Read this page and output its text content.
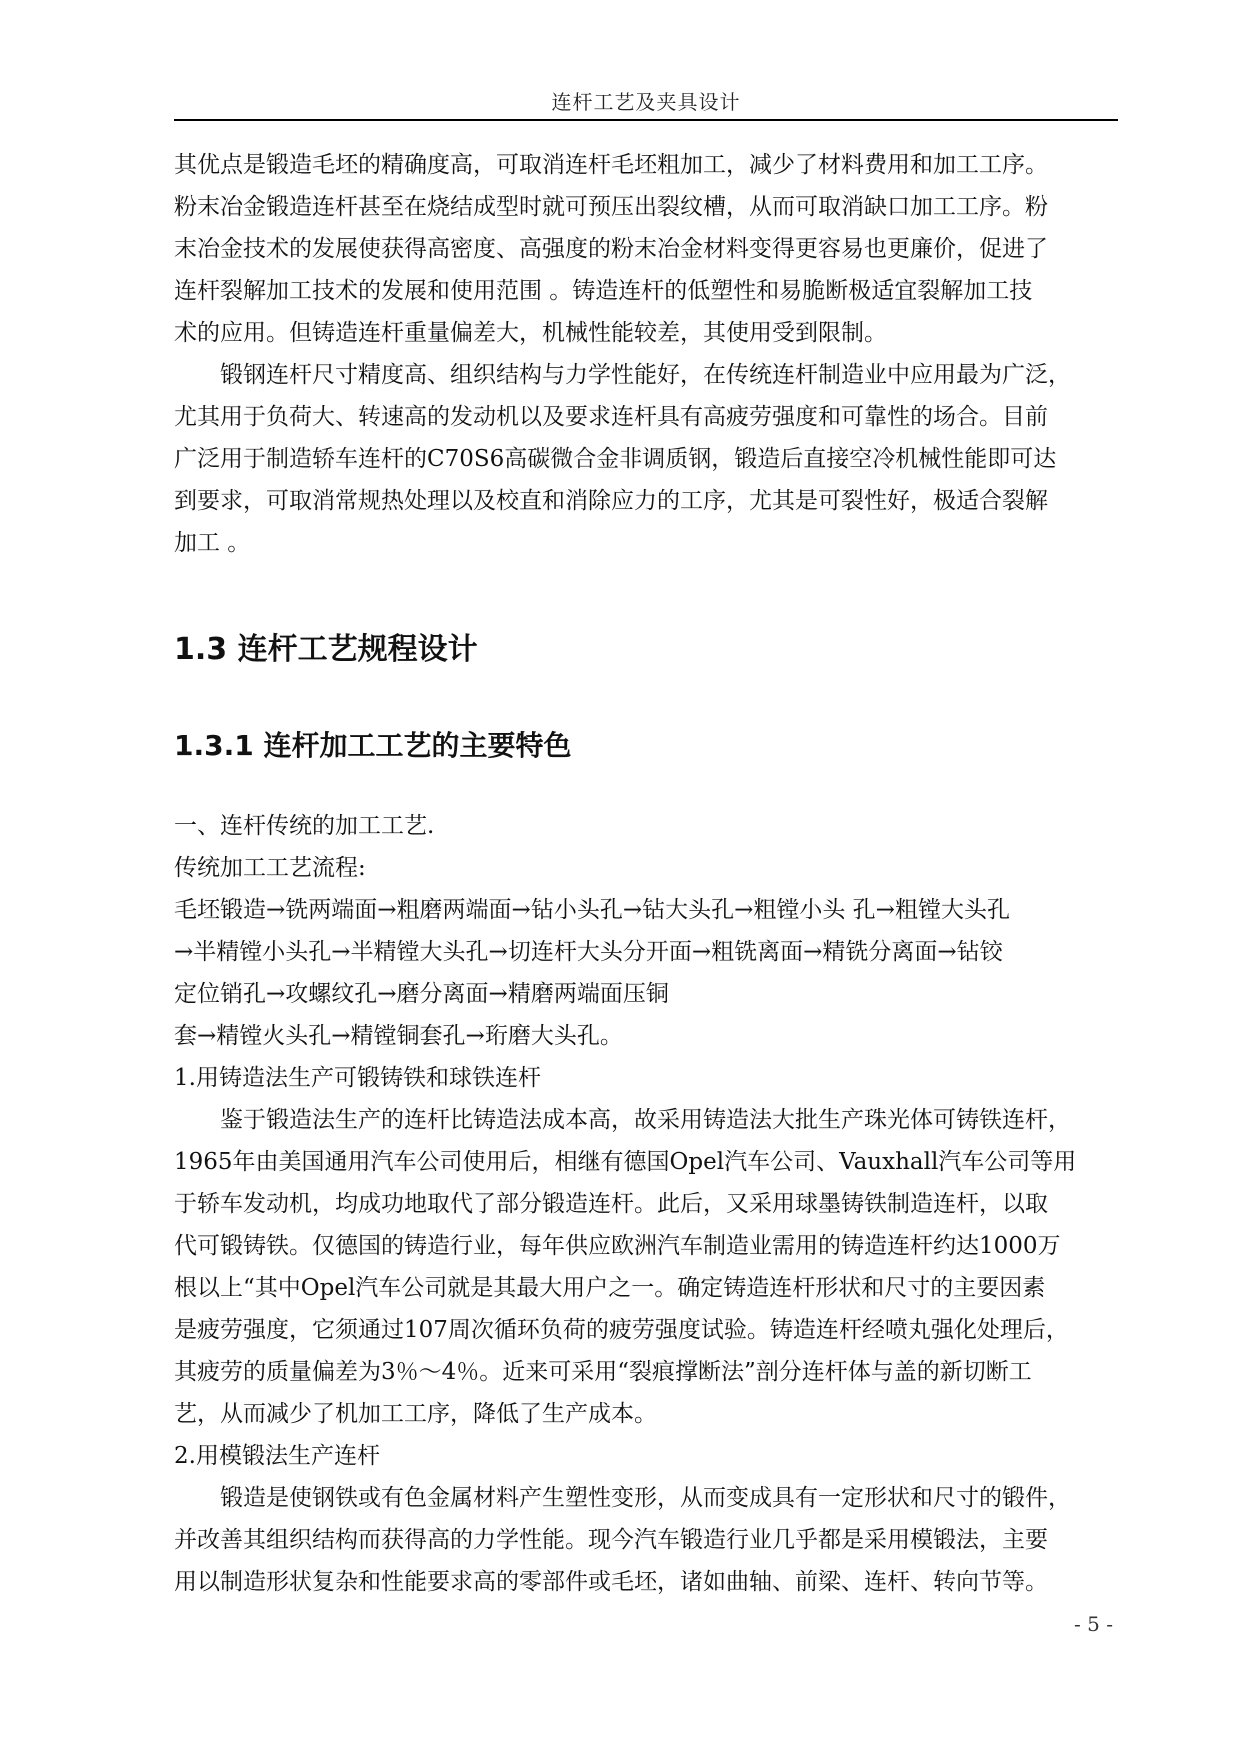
连杆工艺及夹具设计
其优点是锻造毛坯的精确度高，可取消连杆毛坯粗加工，减少了材料费用和加工工序。
粉末冶金锻造连杆甚至在烧结成型时就可预压出裂纹槽，从而可取消缺口加工工序。粉
末冶金技术的发展使获得高密度、高强度的粉末冶金材料变得更容易也更廉价，促进了
连杆裂解加工技术的发展和使用范围 。铸造连杆的低塑性和易脆断极适宜裂解加工技
术的应用。但铸造连杆重量偏差大，机械性能较差，其使用受到限制。
锻钢连杆尺寸精度高、组织结构与力学性能好，在传统连杆制造业中应用最为广泛，
尤其用于负荷大、转速高的发动机以及要求连杆具有高疲劳强度和可靠性的场合。目前
广泛用于制造轿车连杆的C70S6高碳微合金非调质钢，锻造后直接空冷机械性能即可达
到要求，可取消常规热处理以及校直和消除应力的工序，尤其是可裂性好，极适合裂解
加工 。
1.3 连杆工艺规程设计
1.3.1 连杆加工工艺的主要特色
一、连杆传统的加工工艺.
传统加工工艺流程:
毛坯锻造→铣两端面→粗磨两端面→钻小头孔→钻大头孔→粗镗小头 孔→粗镗大头孔
→半精镗小头孔→半精镗大头孔→切连杆大头分开面→粗铣离面→精铣分离面→钻铰
定位销孔→攻螺纹孔→磨分离面→精磨两端面压铜
套→精镗火头孔→精镗铜套孔→珩磨大头孔。
1.用铸造法生产可锻铸铁和球铁连杆
鉴于锻造法生产的连杆比铸造法成本高，故采用铸造法大批生产珠光体可铸铁连杆，
1965年由美国通用汽车公司使用后，相继有德国Opel汽车公司、Vauxhall汽车公司等用
于轿车发动机，均成功地取代了部分锻造连杆。此后，又采用球墨铸铁制造连杆，以取
代可锻铸铁。仅德国的铸造行业，每年供应欧洲汽车制造业需用的铸造连杆约达1000万
根以上“其中Opel汽车公司就是其最大用户之一。确定铸造连杆形状和尺寸的主要因素
是疲劳强度，它须通过107周次循环负荷的疲劳强度试验。铸造连杆经喷丸强化处理后，
其疲劳的质量偏差为3％～4％。近来可采用“裂痕撑断法”剖分连杆体与盖的新切断工
艺，从而减少了机加工工序，降低了生产成本。
2.用模锻法生产连杆
锻造是使钢铁或有色金属材料产生塑性变形，从而变成具有一定形状和尺寸的锻件，
并改善其组织结构而获得高的力学性能。现今汽车锻造行业几乎都是采用模锻法，主要
用以制造形状复杂和性能要求高的零部件或毛坯，诸如曲轴、前梁、连杆、转向节等。
- 5 -
